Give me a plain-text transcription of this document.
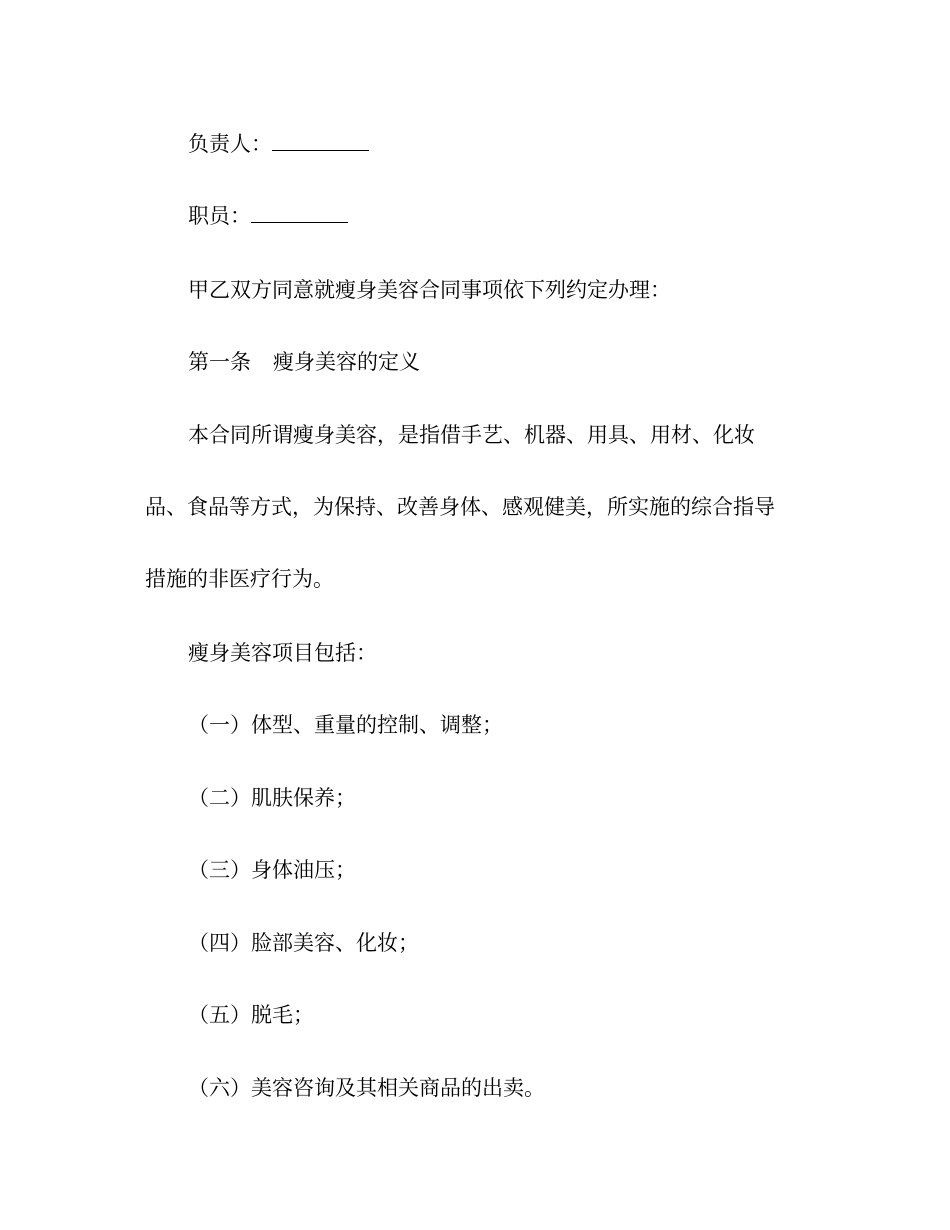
负责人：
职员：
甲乙双方同意就瘦身美容合同事项依下列约定办理：
第一条 瘦身美容的定义
本合同所谓瘦身美容，是指借手艺、机器、用具、用材、化妆
品、食品等方式，为保持、改善身体、感观健美，所实施的综合指导
措施的非医疗行为。
瘦身美容项目包括：
（一）体型、重量的控制、调整；
（二）肌肤保养；
（三）身体油压；
（四）脸部美容、化妆；
（五）脱毛；
（六）美容咨询及其相关商品的出卖。
